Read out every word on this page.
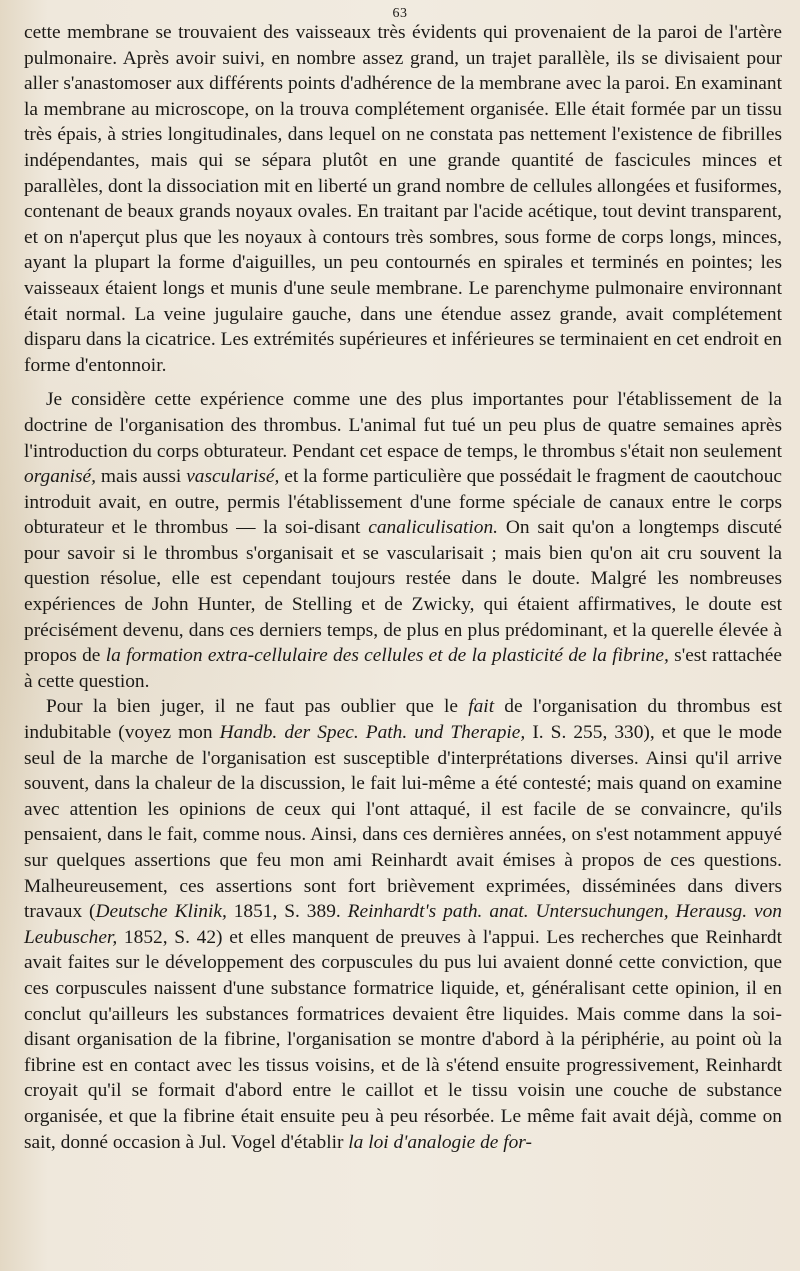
63

cette membrane se trouvaient des vaisseaux très évidents qui provenaient de la paroi de l'artère pulmonaire. Après avoir suivi, en nombre assez grand, un trajet parallèle, ils se divisaient pour aller s'anastomoser aux différents points d'adhérence de la membrane avec la paroi. En examinant la membrane au microscope, on la trouva complétement organisée. Elle était formée par un tissu très épais, à stries longitudinales, dans lequel on ne constata pas nettement l'existence de fibrilles indépendantes, mais qui se sépara plutôt en une grande quantité de fascicules minces et parallèles, dont la dissociation mit en liberté un grand nombre de cellules allongées et fusiformes, contenant de beaux grands noyaux ovales. En traitant par l'acide acétique, tout devint transparent, et on n'aperçut plus que les noyaux à contours très sombres, sous forme de corps longs, minces, ayant la plupart la forme d'aiguilles, un peu contournés en spirales et terminés en pointes; les vaisseaux étaient longs et munis d'une seule membrane. Le parenchyme pulmonaire environnant était normal. La veine jugulaire gauche, dans une étendue assez grande, avait complétement disparu dans la cicatrice. Les extrémités supérieures et inférieures se terminaient en cet endroit en forme d'entonnoir.

Je considère cette expérience comme une des plus importantes pour l'établissement de la doctrine de l'organisation des thrombus. L'animal fut tué un peu plus de quatre semaines après l'introduction du corps obturateur. Pendant cet espace de temps, le thrombus s'était non seulement organisé, mais aussi vascularisé, et la forme particulière que possédait le fragment de caoutchouc introduit avait, en outre, permis l'établissement d'une forme spéciale de canaux entre le corps obturateur et le thrombus — la soi-disant canaliculisation. On sait qu'on a longtemps discuté pour savoir si le thrombus s'organisait et se vascularisait ; mais bien qu'on ait cru souvent la question résolue, elle est cependant toujours restée dans le doute. Malgré les nombreuses expériences de John Hunter, de Stelling et de Zwicky, qui étaient affirmatives, le doute est précisément devenu, dans ces derniers temps, de plus en plus prédominant, et la querelle élevée à propos de la formation extra-cellulaire des cellules et de la plasticité de la fibrine, s'est rattachée à cette question.

Pour la bien juger, il ne faut pas oublier que le fait de l'organisation du thrombus est indubitable (voyez mon Handb. der Spec. Path. und Therapie, I. S. 255, 330), et que le mode seul de la marche de l'organisation est susceptible d'interprétations diverses. Ainsi qu'il arrive souvent, dans la chaleur de la discussion, le fait lui-même a été contesté; mais quand on examine avec attention les opinions de ceux qui l'ont attaqué, il est facile de se convaincre, qu'ils pensaient, dans le fait, comme nous. Ainsi, dans ces dernières années, on s'est notamment appuyé sur quelques assertions que feu mon ami Reinhardt avait émises à propos de ces questions. Malheureusement, ces assertions sont fort brièvement exprimées, disséminées dans divers travaux (Deutsche Klinik, 1851, S. 389. Reinhardt's path. anat. Untersuchungen, Herausg. von Leubuscher, 1852, S. 42) et elles manquent de preuves à l'appui. Les recherches que Reinhardt avait faites sur le développement des corpuscules du pus lui avaient donné cette conviction, que ces corpuscules naissent d'une substance formatrice liquide, et, généralisant cette opinion, il en conclut qu'ailleurs les substances formatrices devaient être liquides. Mais comme dans la soi-disant organisation de la fibrine, l'organisation se montre d'abord à la périphérie, au point où la fibrine est en contact avec les tissus voisins, et de là s'étend ensuite progressivement, Reinhardt croyait qu'il se formait d'abord entre le caillot et le tissu voisin une couche de substance organisée, et que la fibrine était ensuite peu à peu résorbée. Le même fait avait déjà, comme on sait, donné occasion à Jul. Vogel d'établir la loi d'analogie de for-
